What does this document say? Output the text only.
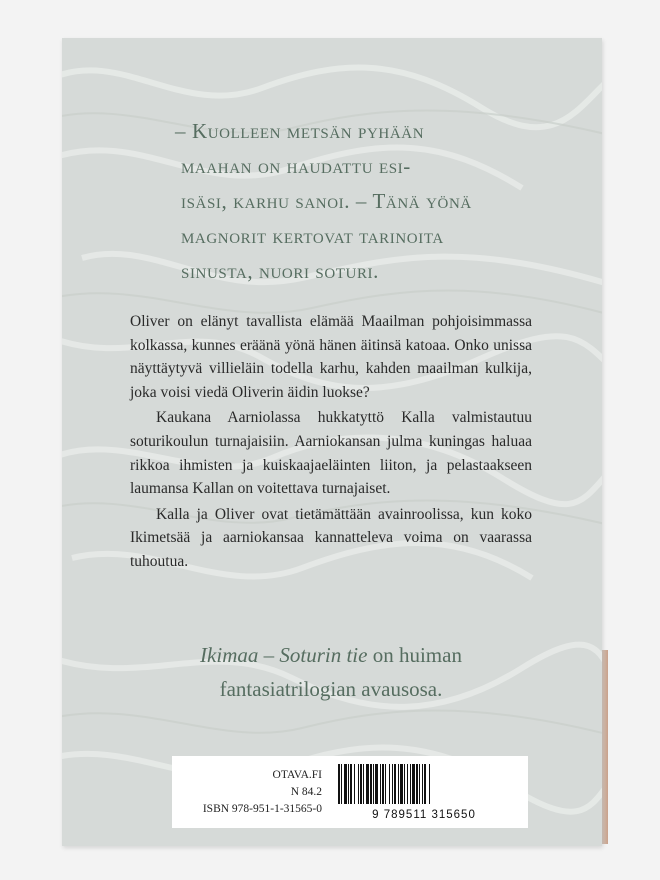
– Kuolleen metsän pyhään

maahan on haudattu esi-

isäsi, karhu sanoi. – Tänä yönä

magnorit kertovat tarinoita

sinusta, nuori soturi.

Oliver on elänyt tavallista elämää Maailman pohjoisimmassa kolkassa, kunnes eräänä yönä hänen äitinsä katoaa. Onko unissa näyttäytyvä villieläin todella karhu, kahden maailman kulkija, joka voisi viedä Oliverin äidin luokse?

Kaukana Aarniolassa hukkatyttö Kalla valmistautuu soturikoulun turnajaisiin. Aarniokansan julma kuningas haluaa rikkoa ihmisten ja kuiskaajaeläinten liiton, ja pelastaakseen laumansa Kallan on voitettava turnajaiset.

Kalla ja Oliver ovat tietämättään avainroolissa, kun koko Ikimetsää ja aarniokansaa kannatteleva voima on vaarassa tuhoutua.

Ikimaa – Soturin tie on huiman
fantasiatrilogian avausosa.
OTAVA.FI
N 84.2
ISBN 978-951-1-31565-0	9 789511 315650
